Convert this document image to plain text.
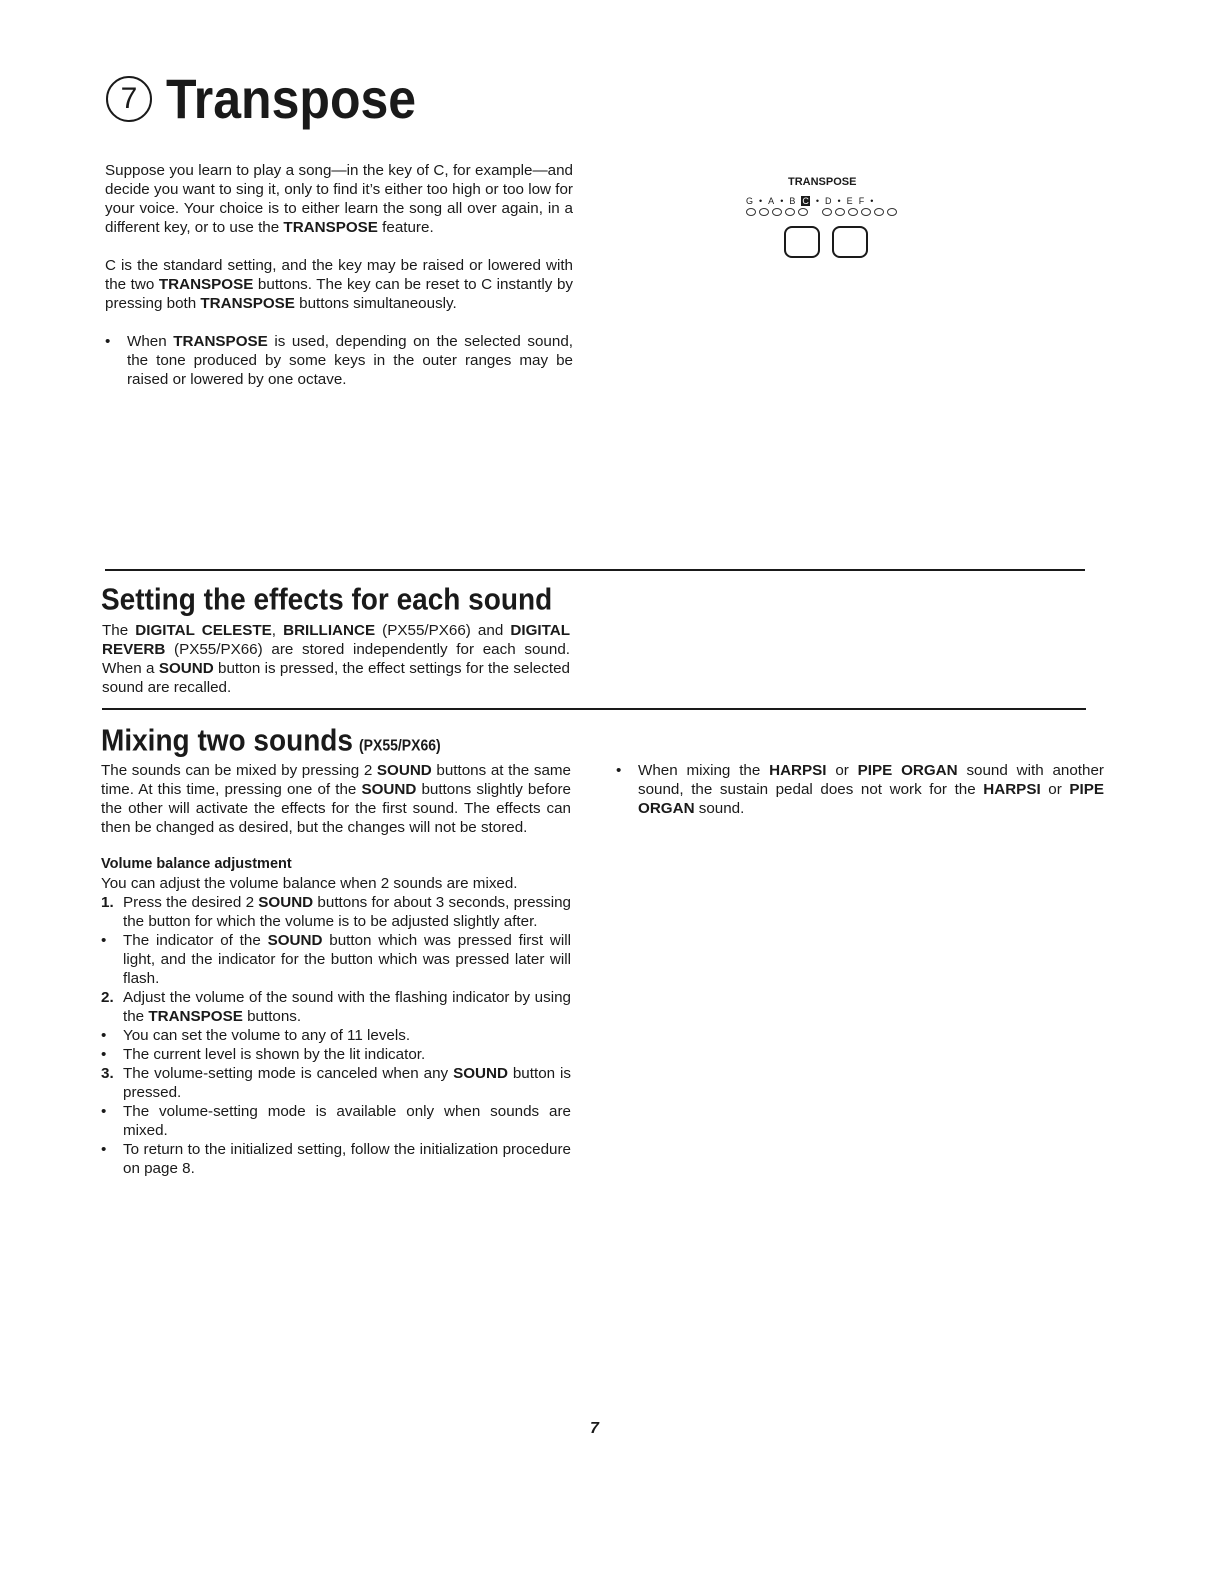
7 Transpose

Suppose you learn to play a song—in the key of C, for example—and decide you want to sing it, only to find it’s either too high or too low for your voice. Your choice is to either learn the song all over again, in a different key, or to use the TRANSPOSE feature.

C is the standard setting, and the key may be raised or lowered with the two TRANSPOSE buttons. The key can be reset to C instantly by pressing both TRANSPOSE buttons simultaneously.

•	When TRANSPOSE is used, depending on the selected sound, the tone produced by some keys in the outer ranges may be raised or lowered by one octave.
TRANSPOSE
G • A • B C • D • E F •
Setting the effects for each sound

The DIGITAL CELESTE, BRILLIANCE (PX55/PX66) and DIGITAL REVERB (PX55/PX66) are stored independently for each sound. When a SOUND button is pressed, the effect settings for the selected sound are recalled.

Mixing two sounds (PX55/PX66)

The sounds can be mixed by pressing 2 SOUND buttons at the same time. At this time, pressing one of the SOUND buttons slightly before the other will activate the effects for the first sound. The effects can then be changed as desired, but the changes will not be stored.

Volume balance adjustment

You can adjust the volume balance when 2 sounds are mixed.

1. Press the desired 2 SOUND buttons for about 3 seconds, pressing the button for which the volume is to be adjusted slightly after.
•	The indicator of the SOUND button which was pressed first will light, and the indicator for the button which was pressed later will flash.
2. Adjust the volume of the sound with the flashing indicator by using the TRANSPOSE buttons.
•	You can set the volume to any of 11 levels.
•	The current level is shown by the lit indicator.
3. The volume-setting mode is canceled when any SOUND button is pressed.
•	The volume-setting mode is available only when sounds are mixed.
•	To return to the initialized setting, follow the initialization procedure on page 8.
•	When mixing the HARPSI or PIPE ORGAN sound with another sound, the sustain pedal does not work for the HARPSI or PIPE ORGAN sound.
7
